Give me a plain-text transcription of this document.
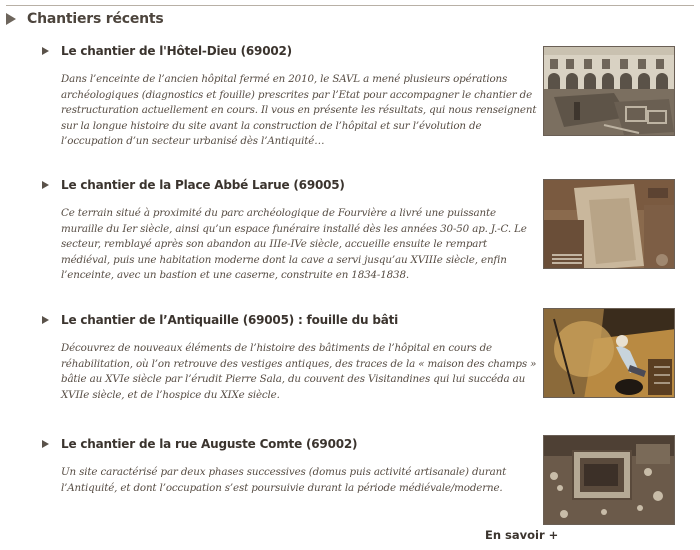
Chantiers récents
Le chantier de l'Hôtel-Dieu (69002)
Dans l’enceinte de l’ancien hôpital fermé en 2010, le SAVL a mené plusieurs opérations archéologiques (diagnostics et fouille) prescrites par l’Etat pour accompagner le chantier de restructuration actuellement en cours. Il vous en présente les résultats, qui nous renseignent sur la longue histoire du site avant la construction de l’hôpital et sur l’évolution de l’occupation d’un secteur urbanisé dès l’Antiquité…
Le chantier de la Place Abbé Larue (69005)
Ce terrain situé à proximité du parc archéologique de Fourvière a livré une puissante muraille du Ier siècle, ainsi qu’un espace funéraire installé dès les années 30-50 ap. J.-C. Le secteur, remblayé après son abandon au IIIe-IVe siècle, accueille ensuite le rempart médiéval, puis une habitation moderne dont la cave a servi jusqu’au XVIIIe siècle, enfin l’enceinte, avec un bastion et une caserne, construite en 1834-1838.
Le chantier de l’Antiquaille (69005) : fouille du bâti
Découvrez de nouveaux éléments de l’histoire des bâtiments de l’hôpital en cours de réhabilitation, où l’on retrouve des vestiges antiques, des traces de la « maison des champs » bâtie au XVIe siècle par l’érudit Pierre Sala, du couvent des Visitandines qui lui succéda au XVIIe siècle, et de l’hospice du XIXe siècle.
Le chantier de la rue Auguste Comte (69002)
Un site caractérisé par deux phases successives (domus puis activité artisanale) durant l’Antiquité, et dont l’occupation s’est poursuivie durant la période médiévale/moderne.
En savoir +
